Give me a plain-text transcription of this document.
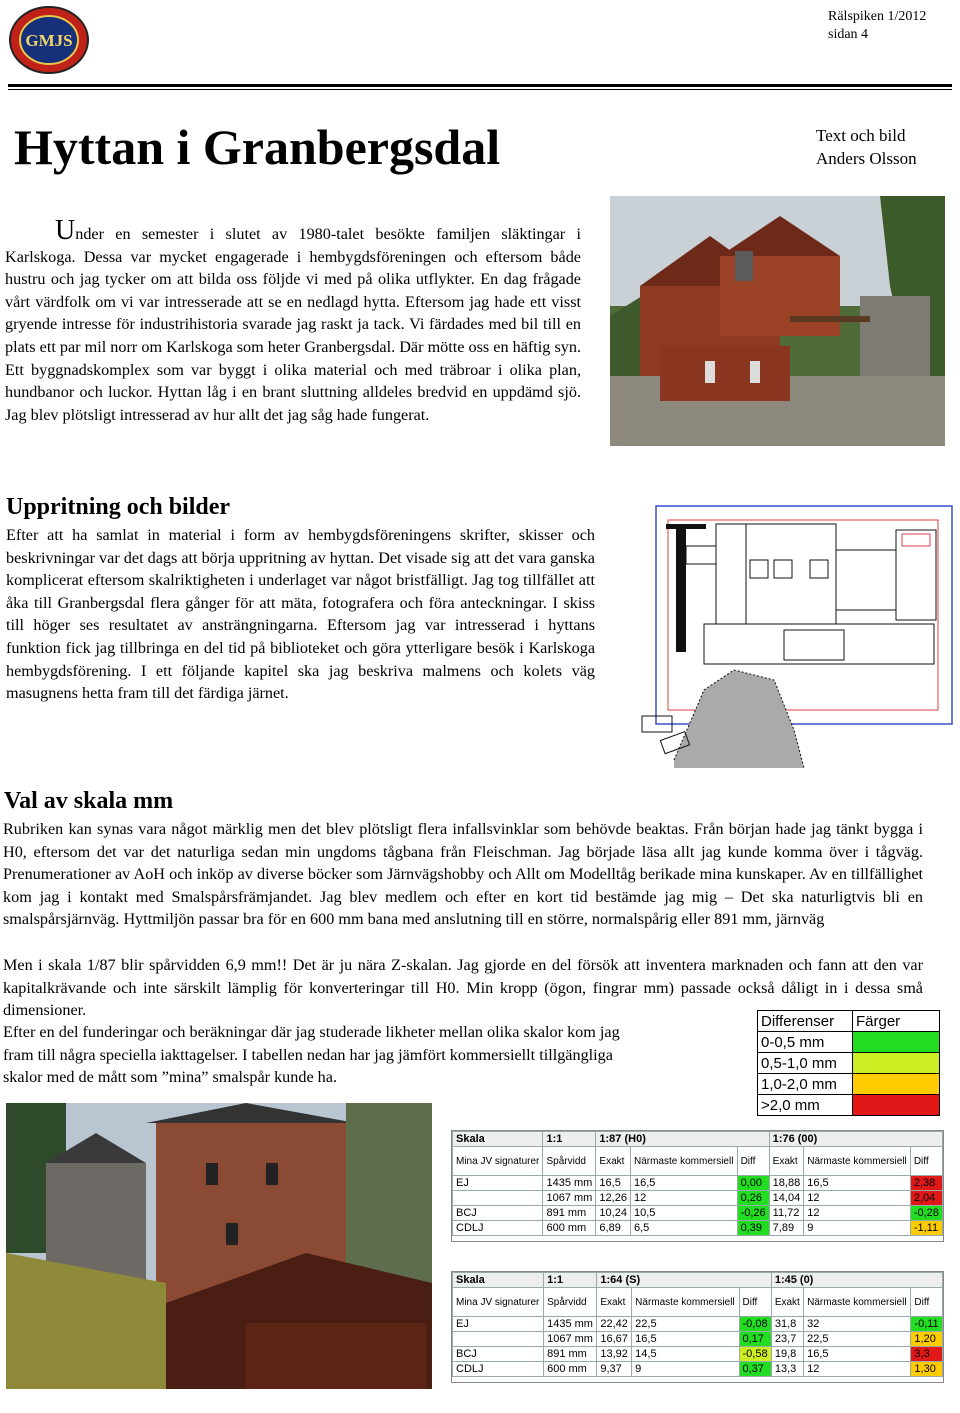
GMJS
Rälspiken 1/2012
sidan 4
Hyttan i Granbergsdal	Text och bild
Anders Olsson

Under en semester i slutet av 1980-talet besökte familjen släktingar i Karlskoga. Dessa var mycket engagerade i hembygdsföreningen och eftersom både hustru och jag tycker om att bilda oss följde vi med på olika utflykter. En dag frågade vårt värdfolk om vi var intresserade att se en nedlagd hytta. Eftersom jag hade ett visst gryende intresse för industrihistoria svarade jag raskt ja tack. Vi färdades med bil till en plats ett par mil norr om Karlskoga som heter Granbergsdal. Där mötte oss en häftig syn. Ett byggnadskomplex som var byggt i olika material och med träbroar i olika plan, hundbanor och luckor. Hyttan låg i en brant sluttning alldeles bredvid en uppdämd sjö. Jag blev plötsligt intresserad av hur allt det jag såg hade fungerat.

Uppritning och bilder

Efter att ha samlat in material i form av hembygdsföreningens skrifter, skisser och beskrivningar var det dags att börja uppritning av hyttan. Det visade sig att det vara ganska komplicerat eftersom skalriktigheten i underlaget var något bristfälligt. Jag tog tillfället att åka till Granbergsdal flera gånger för att mäta, fotografera och föra anteckningar. I skiss till höger ses resultatet av ansträngningarna. Eftersom jag var intresserad i hyttans funktion fick jag tillbringa en del tid på biblioteket och göra ytterligare besök i Karlskoga hembygdsförening. I ett följande kapitel ska jag beskriva malmens och kolets väg masugnens hetta fram till det färdiga järnet.

Val av skala mm

Rubriken kan synas vara något märklig men det blev plötsligt flera infallsvinklar som behövde beaktas. Från början hade jag tänkt bygga i H0, eftersom det var det naturliga sedan min ungdoms tågbana från Fleischman. Jag började läsa allt jag kunde komma över i tågväg. Prenumerationer av AoH och inköp av diverse böcker som Järnvägshobby och Allt om Modelltåg berikade mina kunskaper. Av en tillfällighet kom jag i kontakt med Smalspårsfrämjandet. Jag blev medlem och efter en kort tid bestämde jag mig – Det ska naturligtvis bli en smalspårsjärnväg. Hyttmiljön passar bra för en 600 mm bana med anslutning till en större, normalspårig eller 891 mm, järnväg

Men i skala 1/87 blir spårvidden 6,9 mm!! Det är ju nära Z-skalan. Jag gjorde en del försök att inventera marknaden och fann att den var kapitalkrävande och inte särskilt lämplig för konverteringar till H0. Min kropp (ögon, fingrar mm) passade också dåligt in i dessa små dimensioner.

Efter en del funderingar och beräkningar där jag studerade likheter mellan olika skalor kom jag fram till några speciella iakttagelser. I tabellen nedan har jag jämfört kommersiellt tillgängliga skalor med de mått som ”mina” smalspår kunde ha.

Differenser	Färger
0-0,5 mm	
0,5-1,0 mm	
1,0-2,0 mm	
>2,0 mm	
Skala	1:1	1:87 (H0)			1:76 (00)		
Mina JV signaturer	Spårvidd	Exakt	Närmaste kommersiell	Diff	Exakt	Närmaste kommersiell	Diff
EJ	1435 mm	16,5	16,5	0,00	18,88	16,5	2,38
	1067 mm	12,26	12	0,26	14,04	12	2,04
BCJ	891 mm	10,24	10,5	-0,26	11,72	12	-0,28
CDLJ	600 mm	6,89	6,5	0,39	7,89	9	-1,11
Skala	1:1	1:64 (S)			1:45 (0)		
Mina JV signaturer	Spårvidd	Exakt	Närmaste kommersiell	Diff	Exakt	Närmaste kommersiell	Diff
EJ	1435 mm	22,42	22,5	-0,08	31,8	32	-0,11
	1067 mm	16,67	16,5	0,17	23,7	22,5	1,20
BCJ	891 mm	13,92	14,5	-0,58	19,8	16,5	3,3
CDLJ	600 mm	9,37	9	0,37	13,3	12	1,30
